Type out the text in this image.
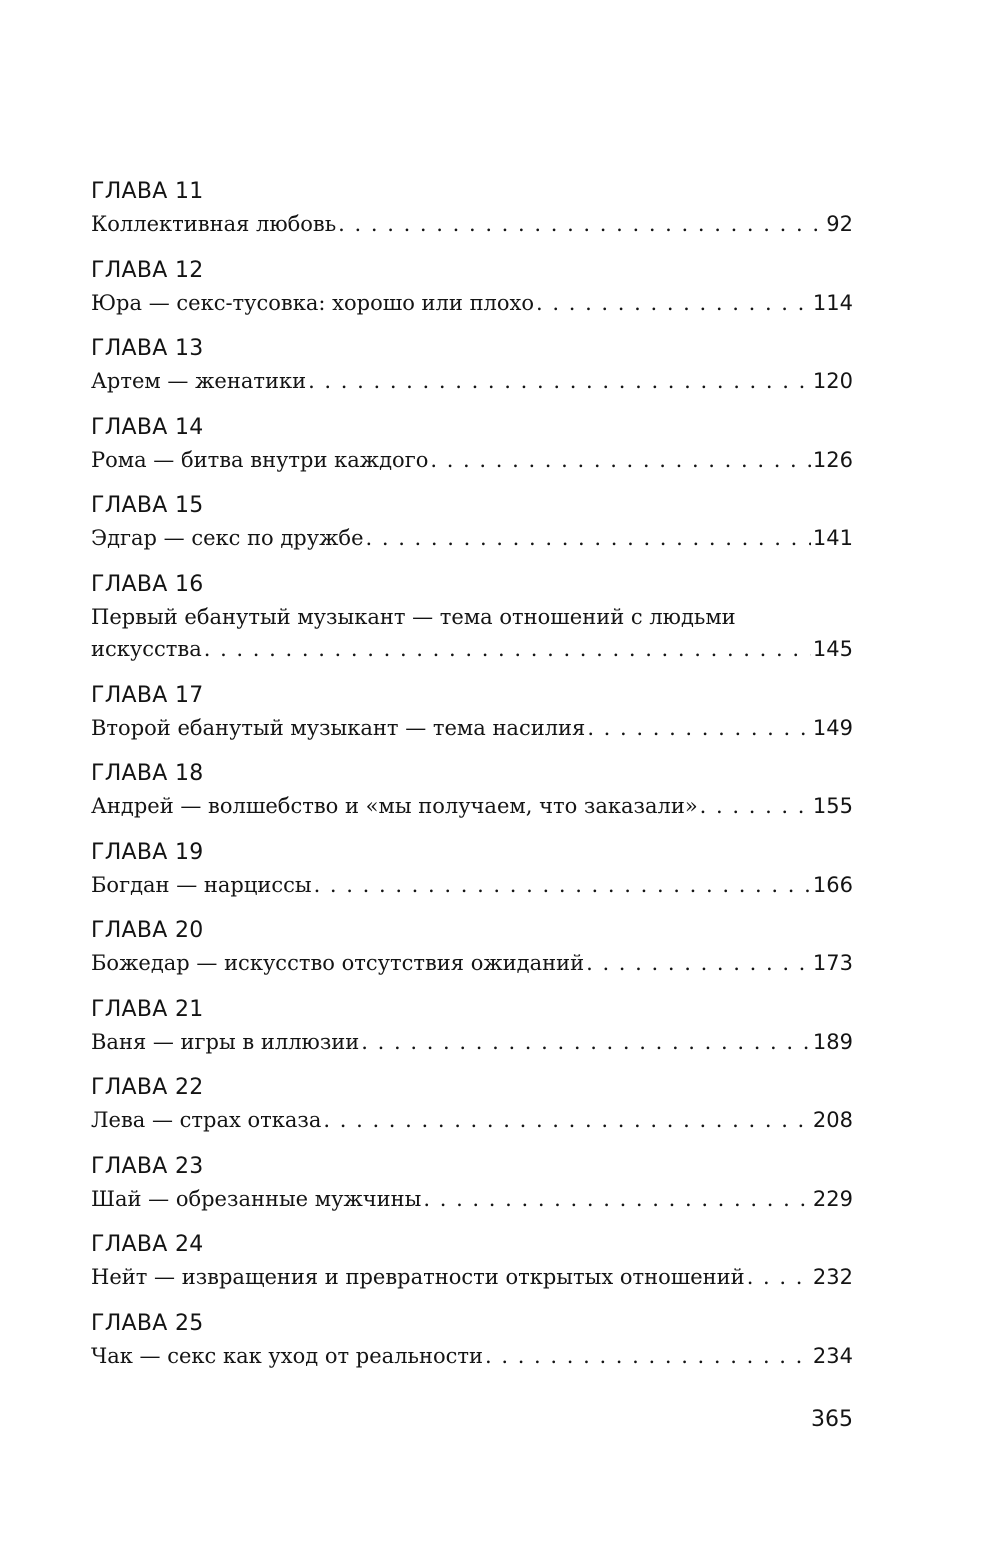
ГЛАВА 11
Коллективная любовь . . .	92
ГЛАВА 12
Юра — секс-тусовка: хорошо или плохо . . .	114
ГЛАВА 13
Артем — женатики . . .	120
ГЛАВА 14
Рома — битва внутри каждого . . .	126
ГЛАВА 15
Эдгар — секс по дружбе . . .	141
ГЛАВА 16
Первый ебанутый музыкант — тема отношений с людьми
искусства . . .	145
ГЛАВА 17
Второй ебанутый музыкант — тема насилия . . .	149
ГЛАВА 18
Андрей — волшебство и «мы получаем, что заказали» . . .	155
ГЛАВА 19
Богдан — нарциссы . . .	166
ГЛАВА 20
Божедар — искусство отсутствия ожиданий . . .	173
ГЛАВА 21
Ваня — игры в иллюзии . . .	189
ГЛАВА 22
Лева — страх отказа . . .	208
ГЛАВА 23
Шай — обрезанные мужчины . . .	229
ГЛАВА 24
Нейт — извращения и превратности открытых отношений . . .	232
ГЛАВА 25
Чак — секс как уход от реальности . . .	234
365
